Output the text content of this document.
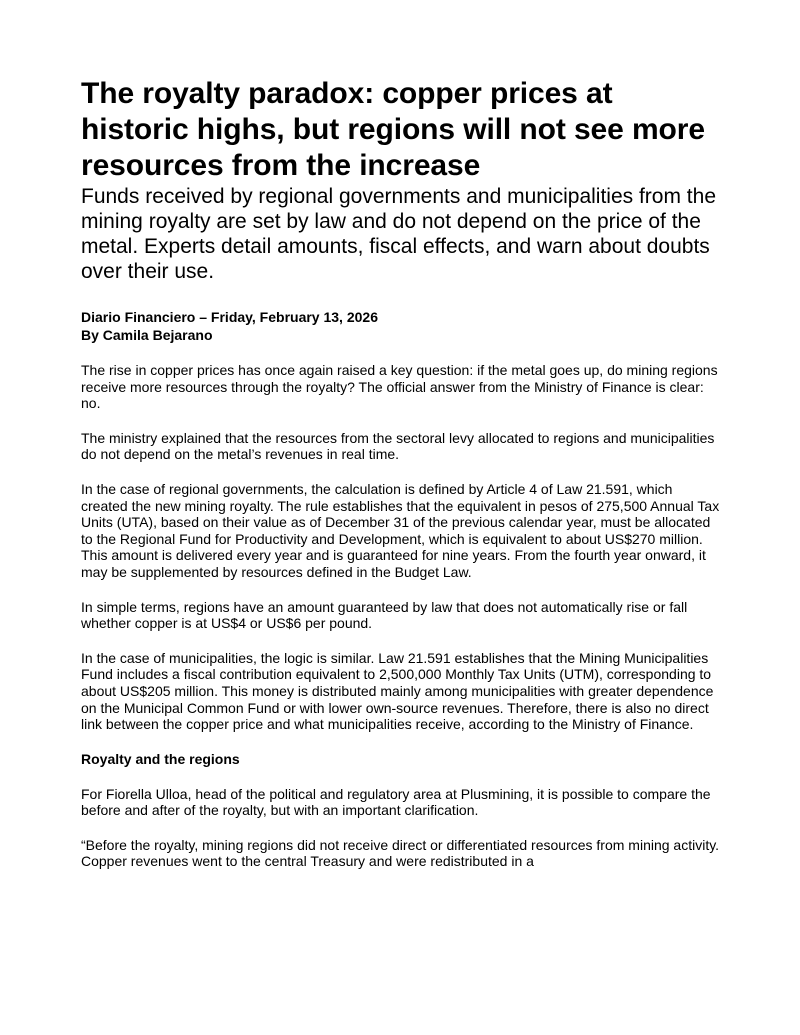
The royalty paradox: copper prices at historic highs, but regions will not see more resources from the increase

Funds received by regional governments and municipalities from the mining royalty are set by law and do not depend on the price of the metal. Experts detail amounts, fiscal effects, and warn about doubts over their use.

Diario Financiero – Friday, February 13, 2026
By Camila Bejarano

The rise in copper prices has once again raised a key question: if the metal goes up, do mining regions receive more resources through the royalty? The official answer from the Ministry of Finance is clear: no.

The ministry explained that the resources from the sectoral levy allocated to regions and municipalities do not depend on the metal’s revenues in real time.

In the case of regional governments, the calculation is defined by Article 4 of Law 21.591, which created the new mining royalty. The rule establishes that the equivalent in pesos of 275,500 Annual Tax Units (UTA), based on their value as of December 31 of the previous calendar year, must be allocated to the Regional Fund for Productivity and Development, which is equivalent to about US$270 million. This amount is delivered every year and is guaranteed for nine years. From the fourth year onward, it may be supplemented by resources defined in the Budget Law.

In simple terms, regions have an amount guaranteed by law that does not automatically rise or fall whether copper is at US$4 or US$6 per pound.

In the case of municipalities, the logic is similar. Law 21.591 establishes that the Mining Municipalities Fund includes a fiscal contribution equivalent to 2,500,000 Monthly Tax Units (UTM), corresponding to about US$205 million. This money is distributed mainly among municipalities with greater dependence on the Municipal Common Fund or with lower own-source revenues. Therefore, there is also no direct link between the copper price and what municipalities receive, according to the Ministry of Finance.

Royalty and the regions

For Fiorella Ulloa, head of the political and regulatory area at Plusmining, it is possible to compare the before and after of the royalty, but with an important clarification.

“Before the royalty, mining regions did not receive direct or differentiated resources from mining activity. Copper revenues went to the central Treasury and were redistributed in a
